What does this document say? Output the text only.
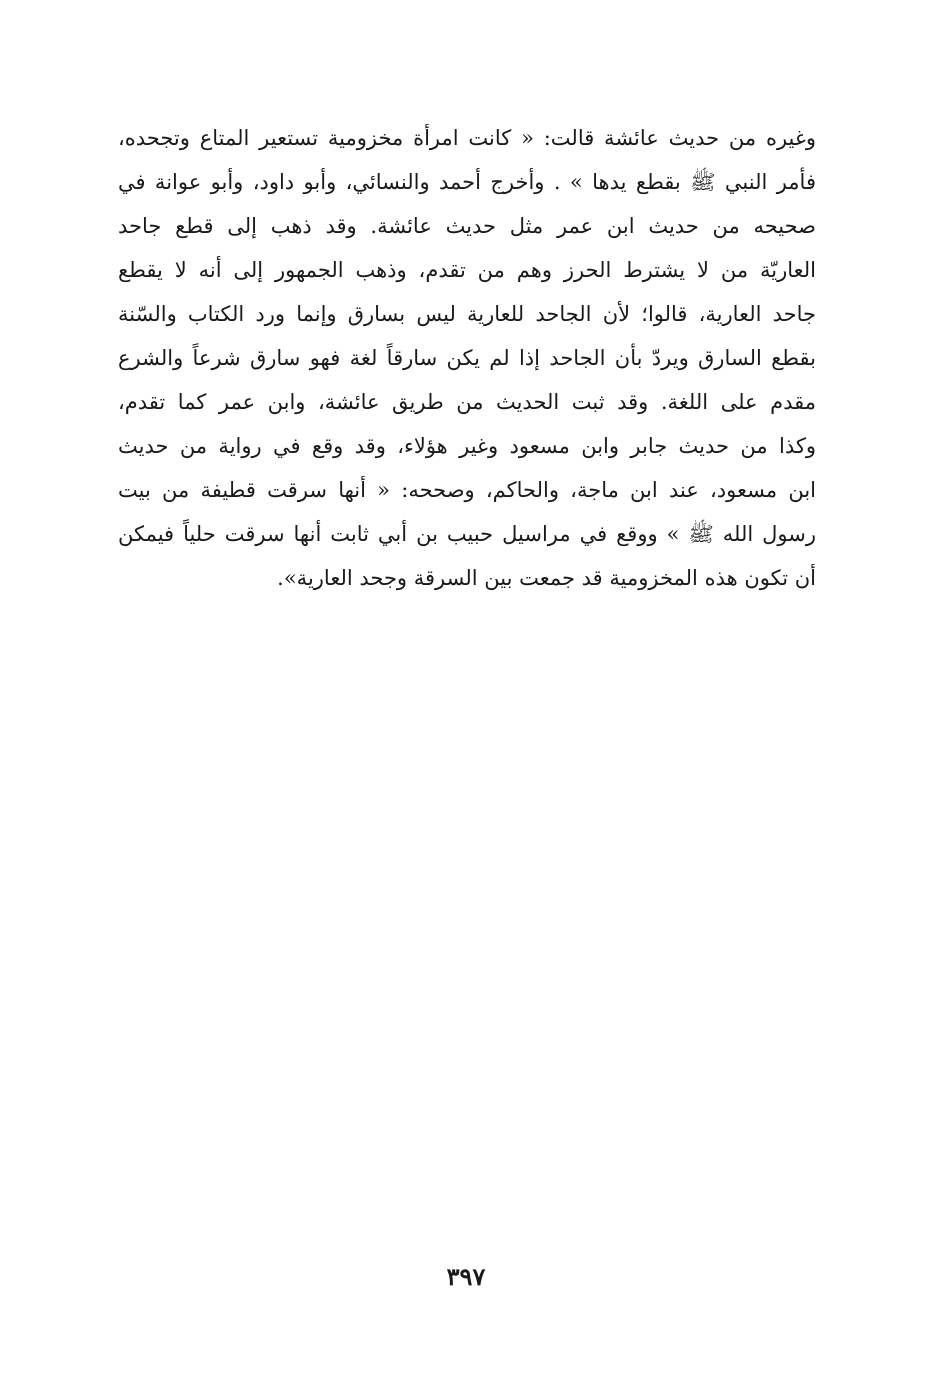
وغيره من حديث عائشة قالت: « كانت امرأة مخزومية تستعير المتاع وتجحده،
فأمر النبي ﷺ بقطع يدها » . وأخرج أحمد والنسائي، وأبو داود، وأبو عوانة في
صحيحه من حديث ابن عمر مثل حديث عائشة. وقد ذهب إلى قطع جاحد
العاريّة من لا يشترط الحرز وهم من تقدم، وذهب الجمهور إلى أنه لا يقطع
جاحد العارية، قالوا؛ لأن الجاحد للعارية ليس بسارق وإنما ورد الكتاب والسّنة
بقطع السارق ويردّ بأن الجاحد إذا لم يكن سارقاً لغة فهو سارق شرعاً والشرع
مقدم على اللغة. وقد ثبت الحديث من طريق عائشة، وابن عمر كما تقدم،
وكذا من حديث جابر وابن مسعود وغير هؤلاء، وقد وقع في رواية من حديث
ابن مسعود، عند ابن ماجة، والحاكم، وصححه: « أنها سرقت قطيفة من بيت
رسول الله ﷺ » ووقع في مراسيل حبيب بن أبي ثابت أنها سرقت حلياً فيمكن
أن تكون هذه المخزومية قد جمعت بين السرقة وجحد العارية».
٣٩٧
